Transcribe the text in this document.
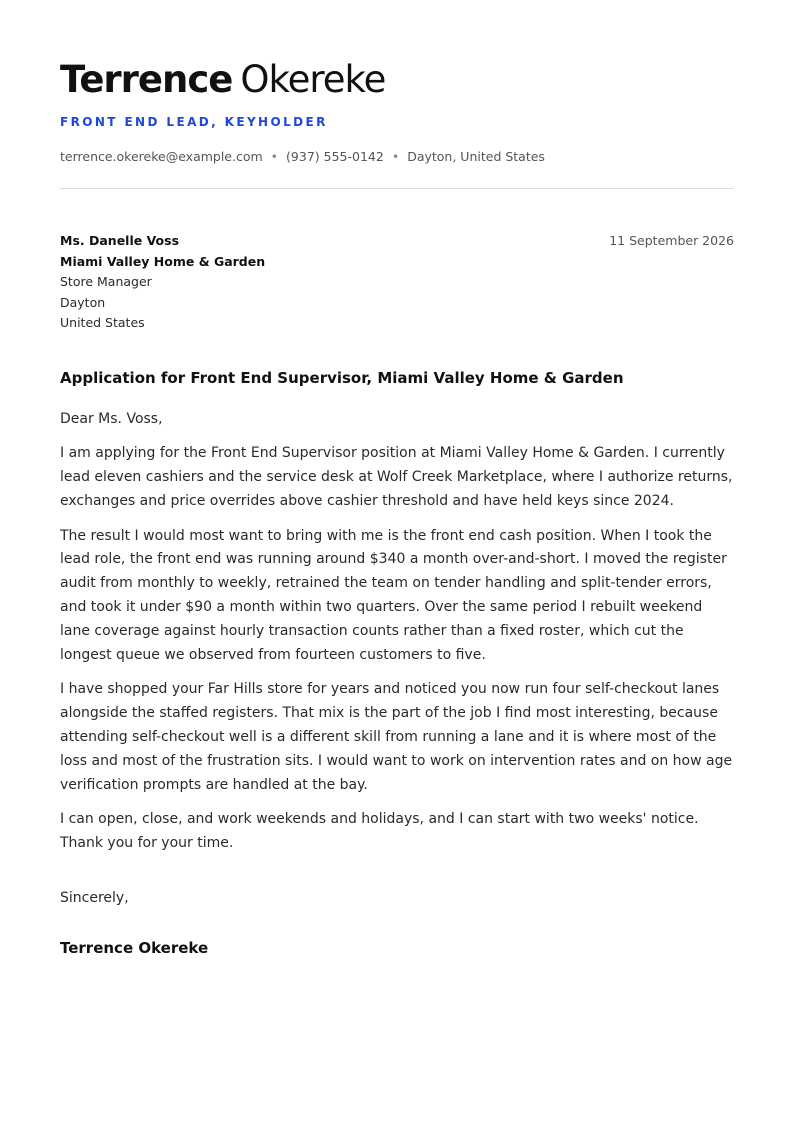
Terrence Okereke
FRONT END LEAD, KEYHOLDER
terrence.okereke@example.com • (937) 555-0142 • Dayton, United States
Ms. Danelle Voss
Miami Valley Home & Garden
Store Manager
Dayton
United States
11 September 2026
Application for Front End Supervisor, Miami Valley Home & Garden
Dear Ms. Voss,
I am applying for the Front End Supervisor position at Miami Valley Home & Garden. I currently lead eleven cashiers and the service desk at Wolf Creek Marketplace, where I authorize returns, exchanges and price overrides above cashier threshold and have held keys since 2024.
The result I would most want to bring with me is the front end cash position. When I took the lead role, the front end was running around $340 a month over-and-short. I moved the register audit from monthly to weekly, retrained the team on tender handling and split-tender errors, and took it under $90 a month within two quarters. Over the same period I rebuilt weekend lane coverage against hourly transaction counts rather than a fixed roster, which cut the longest queue we observed from fourteen customers to five.
I have shopped your Far Hills store for years and noticed you now run four self-checkout lanes alongside the staffed registers. That mix is the part of the job I find most interesting, because attending self-checkout well is a different skill from running a lane and it is where most of the loss and most of the frustration sits. I would want to work on intervention rates and on how age verification prompts are handled at the bay.
I can open, close, and work weekends and holidays, and I can start with two weeks' notice. Thank you for your time.
Sincerely,
Terrence Okereke
